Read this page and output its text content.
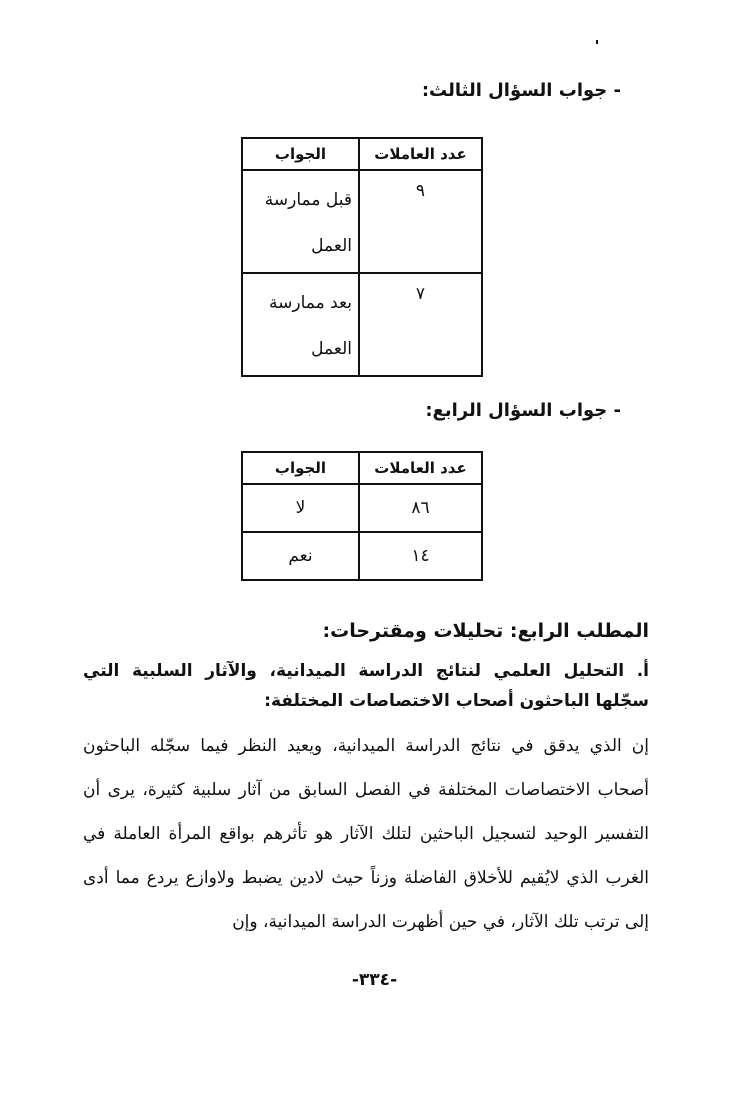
- جواب السؤال الثالث:
عدد العاملات	الجواب
٩	قبل ممارسة العمل
٧	بعد ممارسة العمل
- جواب السؤال الرابع:
عدد العاملات	الجواب
٨٦	لا
١٤	نعم
المطلب الرابع: تحليلات ومقترحات:
أ. التحليل العلمي لنتائج الدراسة الميدانية، والآثار السلبية التي سجّلها الباحثون أصحاب الاختصاصات المختلفة:
إن الذي يدقق في نتائج الدراسة الميدانية، ويعيد النظر فيما سجّله الباحثون أصحاب الاختصاصات المختلفة في الفصل السابق من آثار سلبية كثيرة، يرى أن التفسير الوحيد لتسجيل الباحثين لتلك الآثار هو تأثرهم بواقع المرأة العاملة في الغرب الذي لايُقيم للأخلاق الفاضلة وزناً حيث لادين يضبط ولاوازع يردع مما أدى إلى ترتب تلك الآثار، في حين أظهرت الدراسة الميدانية، وإن
-٣٣٤-
